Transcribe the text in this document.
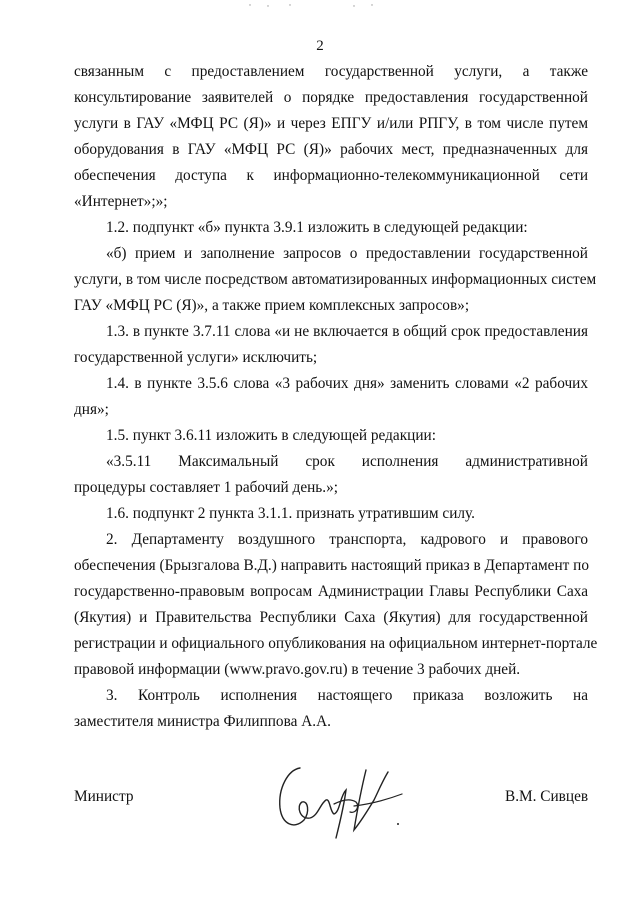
2
связанным с предоставлением государственной услуги, а также
консультирование заявителей о порядке предоставления государственной
услуги в ГАУ «МФЦ РС (Я)» и через ЕПГУ и/или РПГУ, в том числе путем
оборудования в ГАУ «МФЦ РС (Я)» рабочих мест, предназначенных для
обеспечения доступа к информационно-телекоммуникационной сети
«Интернет»;»;
1.2. подпункт «б» пункта 3.9.1 изложить в следующей редакции:
«б) прием и заполнение запросов о предоставлении государственной
услуги, в том числе посредством автоматизированных информационных систем
ГАУ «МФЦ РС (Я)», а также прием комплексных запросов»;
1.3. в пункте 3.7.11 слова «и не включается в общий срок предоставления
государственной услуги» исключить;
1.4. в пункте 3.5.6 слова «3 рабочих дня» заменить словами «2 рабочих
дня»;
1.5. пункт 3.6.11 изложить в следующей редакции:
«3.5.11 Максимальный срок исполнения административной
процедуры составляет 1 рабочий день.»;
1.6. подпункт 2 пункта 3.1.1. признать утратившим силу.
2. Департаменту воздушного транспорта, кадрового и правового
обеспечения (Брызгалова В.Д.) направить настоящий приказ в Департамент по
государственно-правовым вопросам Администрации Главы Республики Саха
(Якутия) и Правительства Республики Саха (Якутия) для государственной
регистрации и официального опубликования на официальном интернет-портале
правовой информации (www.pravo.gov.ru) в течение 3 рабочих дней.
3. Контроль исполнения настоящего приказа возложить на
заместителя министра Филиппова А.А.
Министр	В.М. Сивцев
